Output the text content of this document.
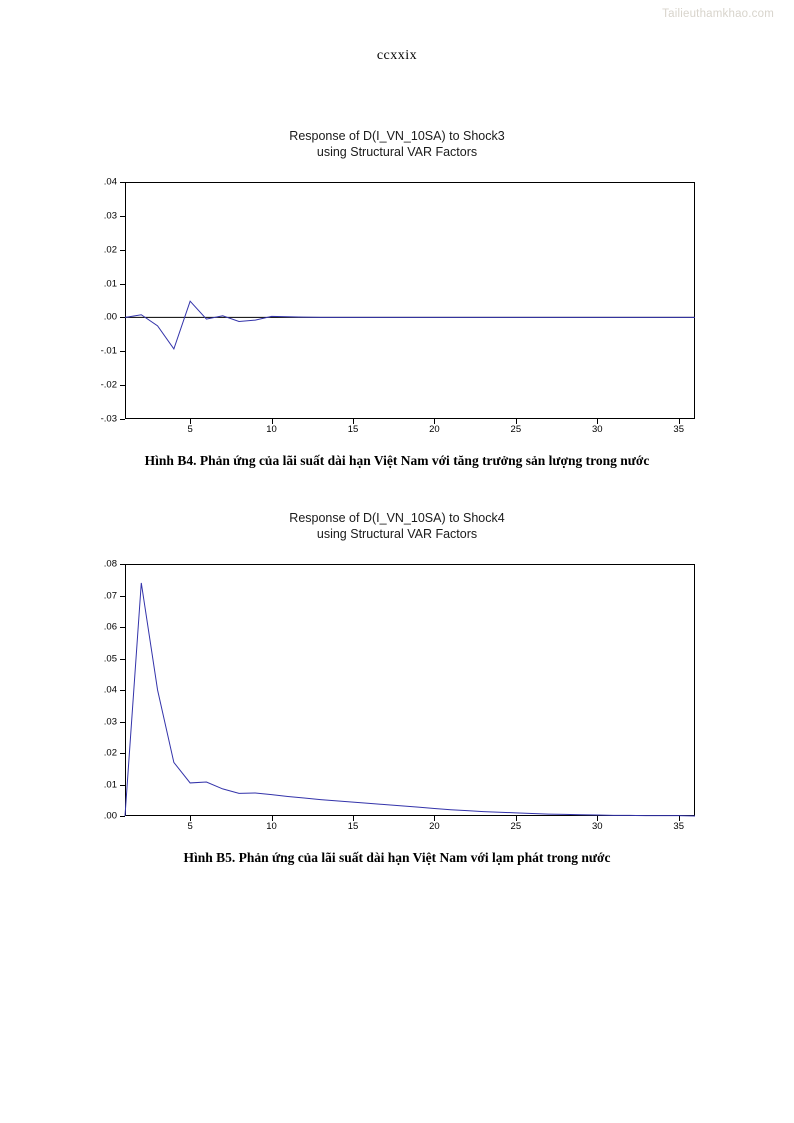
Tailieuthamkhao.com
ccxxix
Response of D(I_VN_10SA) to Shock3
using Structural VAR Factors
.04
.03
.02
.01
.00
-.01
-.02
-.03
5	10	15	20	25	30	35
Hình B4. Phản ứng của lãi suất dài hạn Việt Nam với tăng trưởng sản lượng trong nước
Response of D(I_VN_10SA) to Shock4
using Structural VAR Factors
.08
.07
.06
.05
.04
.03
.02
.01
.00
5	10	15	20	25	30	35
Hình B5. Phản ứng của lãi suất dài hạn Việt Nam với lạm phát trong nước
